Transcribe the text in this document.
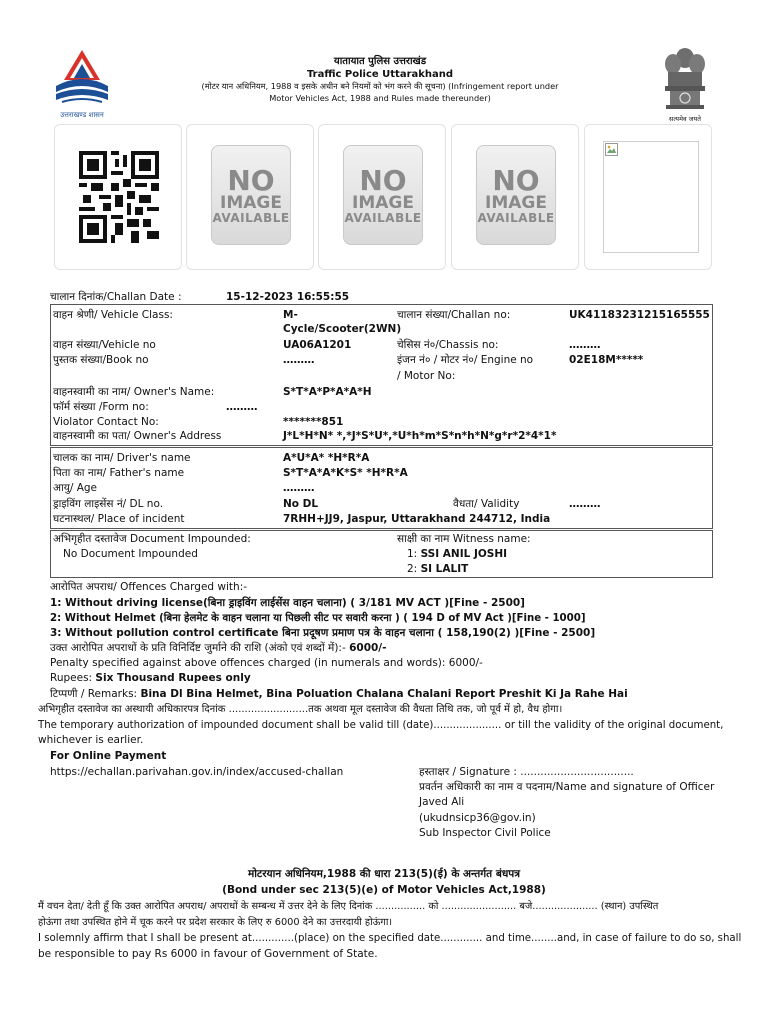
उत्तराखण्ड शासन
यातायात पुलिस उत्तराखंड
Traffic Police Uttarakhand
(मोटर यान अधिनियम, 1988 व इसके अधीन बने नियमों को भंग करने की सूचना) (Infringement report under
Motor Vehicles Act, 1988 and Rules made thereunder)
सत्यमेव जयते
NO
IMAGE
AVAILABLE
NO
IMAGE
AVAILABLE
NO
IMAGE
AVAILABLE
चालान दिनांक/Challan Date :	15-12-2023 16:55:55
वाहन श्रेणी/ Vehicle Class:	M-
Cycle/Scooter(2WN)
चालान संख्या/Challan no:	UK41183231215165555
वाहन संख्या/Vehicle no	UA06A1201	चेसिस नं०/Chassis no:	………
पुस्तक संख्या/Book no	………	इंजन नं० / मोटर नं०/ Engine no
/ Motor No:
02E18M*****
वाहनस्वामी का नाम/ Owner's Name:	S*T*A*P*A*A*H
फॉर्म संख्या /Form no:	………
Violator Contact No:	*******851
वाहनस्वामी का पता/ Owner's Address	J*L*H*N* *,*J*S*U*,*U*h*m*S*n*h*N*g*r*2*4*1*
चालक का नाम/ Driver's name	A*U*A* *H*R*A
पिता का नाम/ Father's name	S*T*A*A*K*S* *H*R*A
आयु/ Age	………
ड्राइविंग लाइसेंस नं/ DL no.	No DL	वैधता/ Validity	………
घटनास्थल/ Place of incident	7RHH+JJ9, Jaspur, Uttarakhand 244712, India
अभिगृहीत दस्तावेज Document Impounded:
No Document Impounded
साक्षी का नाम Witness name:
1: SSI ANIL JOSHI
2: SI LALIT
आरोपित अपराध/ Offences Charged with:-
1: Without driving license(बिना ड्राइविंग लाईसेंस वाहन चलाना) ( 3/181 MV ACT )[Fine - 2500]
2: Without Helmet (बिना हेलमेट के वाहन चलाना या पिछली सीट पर सवारी करना ) ( 194 D of MV Act )[Fine - 1000]
3: Without pollution control certificate बिना प्रदूषण प्रमाण पत्र के वाहन चलाना ( 158,190(2) )[Fine - 2500]
उक्त आरोपित अपराधों के प्रति विनिर्दिष्ट जुर्माने की राशि (अंको एवं शब्दों में):- 6000/-
Penalty specified against above offences charged (in numerals and words): 6000/-
Rupees: Six Thousand Rupees only
टिप्पणी / Remarks: Bina Dl Bina Helmet, Bina Poluation Chalana Chalani Report Preshit Ki Ja Rahe Hai
अभिगृहीत दस्तावेज का अस्थायी अधिकारपत्र दिनांक .........................तक अथवा मूल दस्तावेज की वैधता तिथि तक, जो पूर्व में हो, वैध होगा।
The temporary authorization of impounded document shall be valid till (date)..................... or till the validity of the original document,
whichever is earlier.
For Online Payment
https://echallan.parivahan.gov.in/index/accused-challan	हस्ताक्षर / Signature : ..................................
प्रवर्तन अधिकारी का नाम व पदनाम/Name and signature of Officer
Javed Ali
(ukudnsicp36@gov.in)
Sub Inspector Civil Police
मोटरयान अधिनियम,1988 की धारा 213(5)(ई) के अन्तर्गत बंधपत्र
(Bond under sec 213(5)(e) of Motor Vehicles Act,1988)
मैं वचन देता/ देती हूँ कि उक्त आरोपित अपराध/ अपराधों के सम्बन्ध में उत्तर देने के लिए दिनांक ................ को ........................ बजे..................... (स्थान) उपस्थित
होऊंगा तथा उपस्थित होने में चूक करने पर प्रदेश सरकार के लिए रु 6000 देने का उत्तरदायी होऊंगा।
I solemnly affirm that I shall be present at.............(place) on the specified date............. and time........and, in case of failure to do so, shall
be responsible to pay Rs 6000 in favour of Government of State.
